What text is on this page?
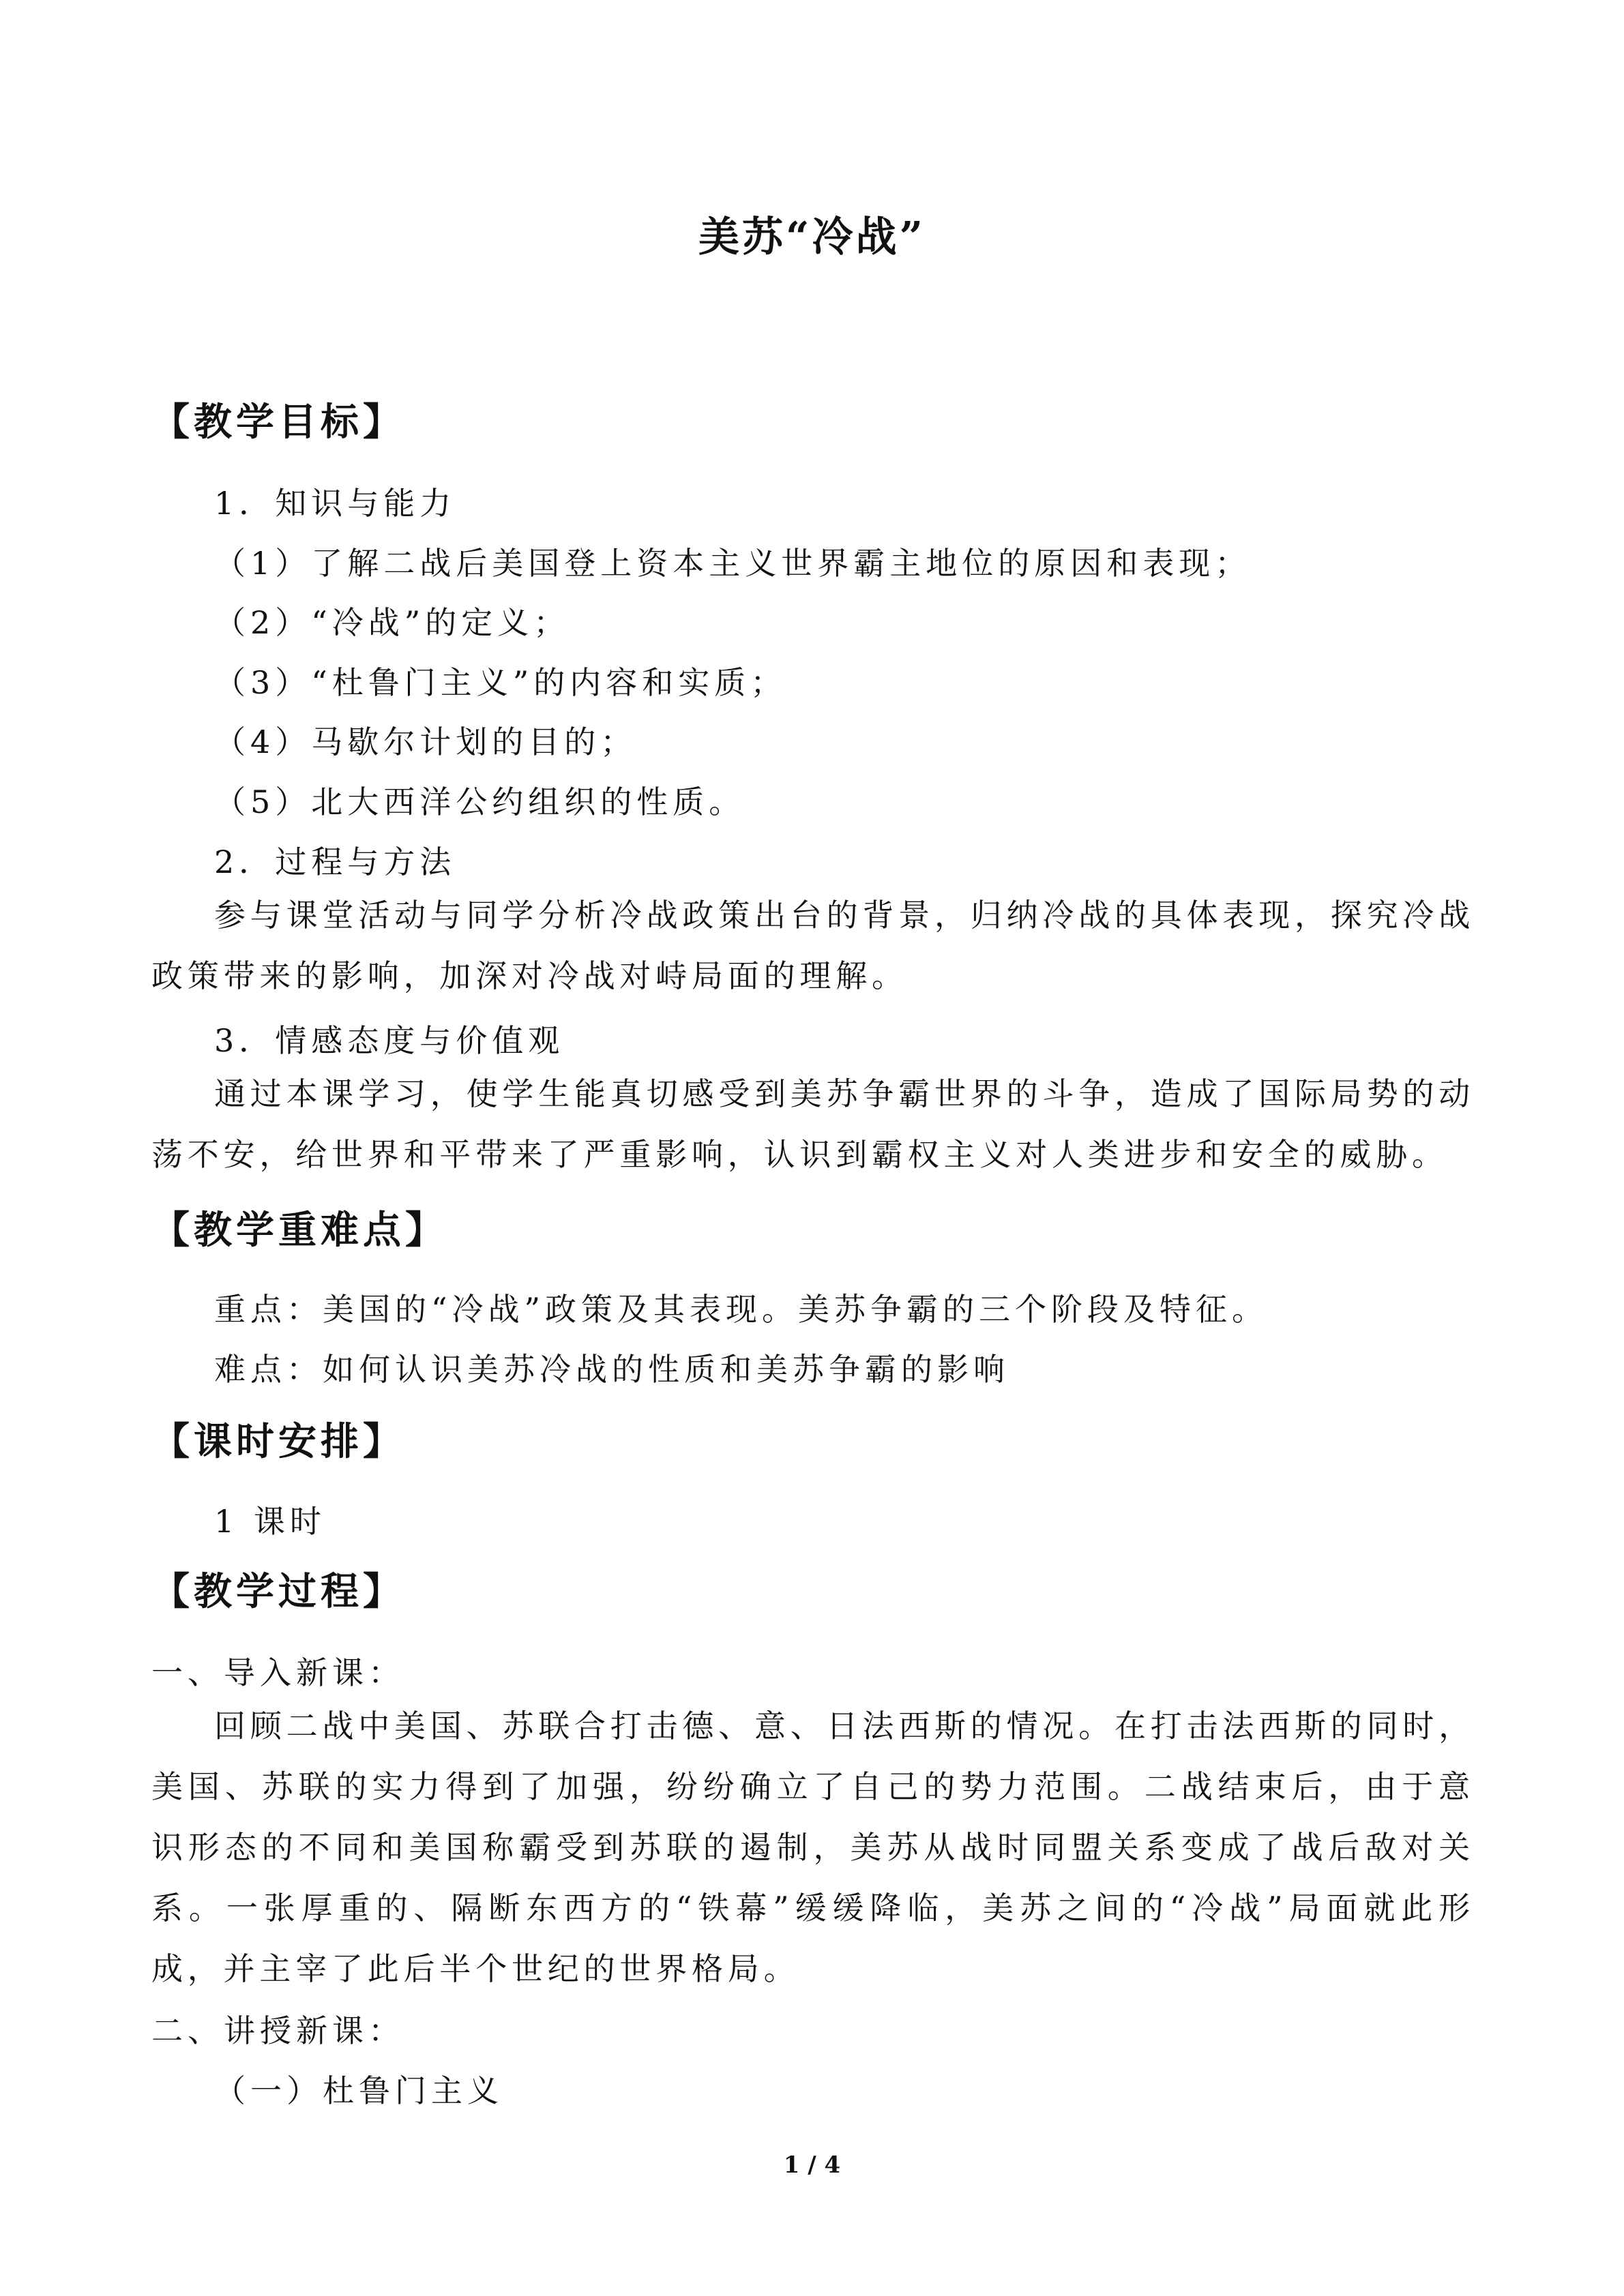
美苏“冷战”
【教学目标】
1．知识与能力
（1）了解二战后美国登上资本主义世界霸主地位的原因和表现；
（2）“冷战”的定义；
（3）“杜鲁门主义”的内容和实质；
（4）马歇尔计划的目的；
（5）北大西洋公约组织的性质。
2．过程与方法

参与课堂活动与同学分析冷战政策出台的背景，归纳冷战的具体表现，探究冷战政策带来的影响，加深对冷战对峙局面的理解。

3．情感态度与价值观

通过本课学习，使学生能真切感受到美苏争霸世界的斗争，造成了国际局势的动荡不安，给世界和平带来了严重影响，认识到霸权主义对人类进步和安全的威胁。

【教学重难点】
重点：美国的“冷战”政策及其表现。美苏争霸的三个阶段及特征。
难点：如何认识美苏冷战的性质和美苏争霸的影响
【课时安排】
1 课时
【教学过程】
一、导入新课：

回顾二战中美国、苏联合打击德、意、日法西斯的情况。在打击法西斯的同时，美国、苏联的实力得到了加强，纷纷确立了自己的势力范围。二战结束后，由于意识形态的不同和美国称霸受到苏联的遏制，美苏从战时同盟关系变成了战后敌对关系。一张厚重的、隔断东西方的“铁幕”缓缓降临，美苏之间的“冷战”局面就此形成，并主宰了此后半个世纪的世界格局。

二、讲授新课：
（一）杜鲁门主义
1 / 4
